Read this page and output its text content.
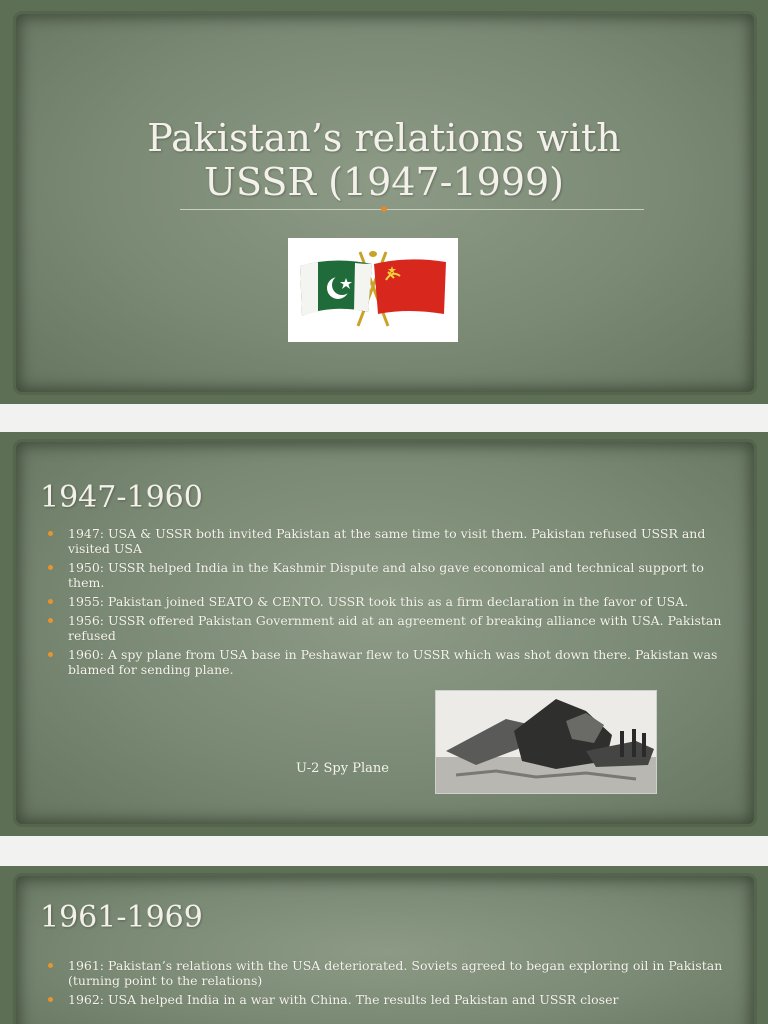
Pakistan’s relations with
USSR (1947-1999)
1947-1960
1947: USA & USSR both invited Pakistan at the same time to visit them. Pakistan refused USSR and visited USA
1950: USSR helped India in the Kashmir Dispute and also gave economical and technical support to them.
1955: Pakistan joined SEATO & CENTO. USSR took this as a firm declaration in the favor of USA.
1956: USSR offered Pakistan Government aid at an agreement of breaking alliance with USA. Pakistan refused
1960: A spy plane from USA base in Peshawar flew to USSR which was shot down there. Pakistan was blamed for sending plane.
U-2 Spy Plane
1961-1969
1961: Pakistan’s relations with the USA deteriorated. Soviets agreed to began exploring oil in Pakistan (turning point to the relations)
1962: USA helped India in a war with China. The results led Pakistan and USSR closer
